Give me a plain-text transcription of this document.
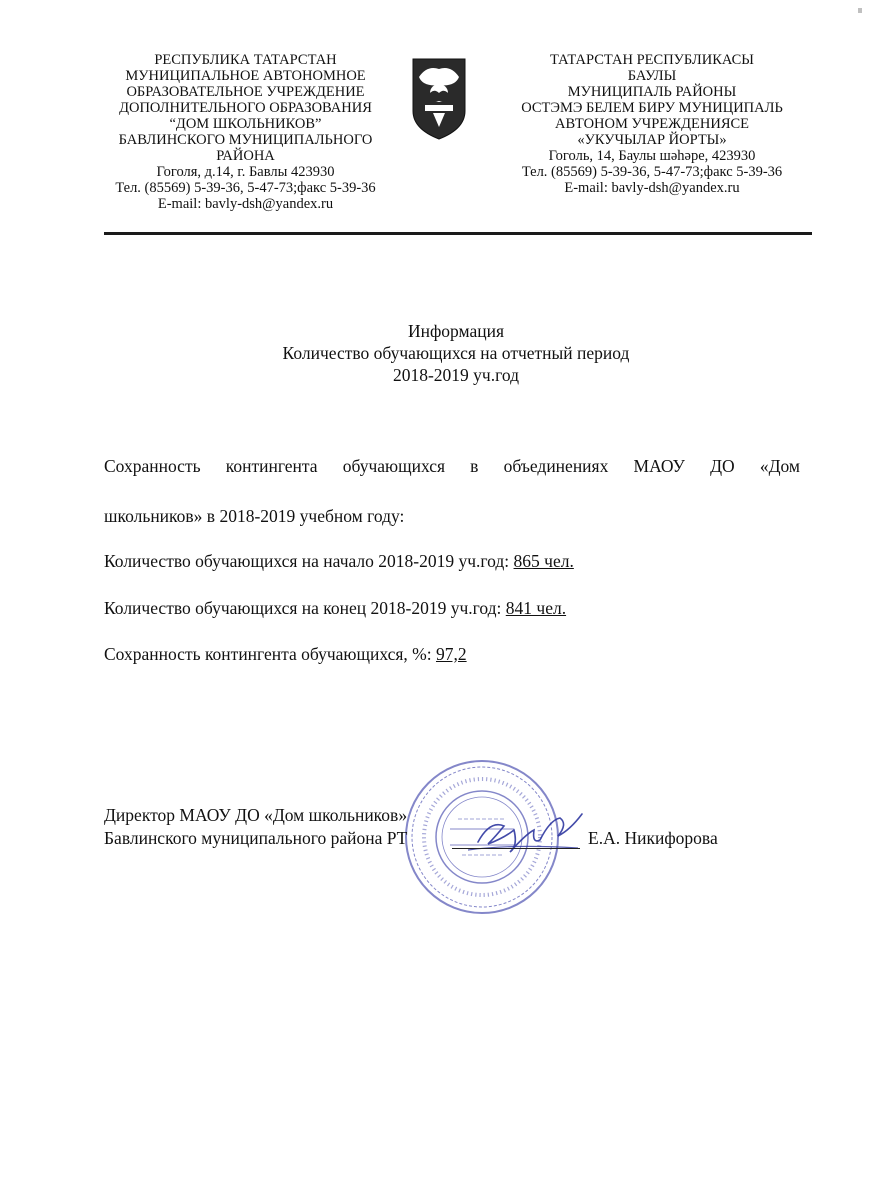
РЕСПУБЛИКА ТАТАРСТАН
МУНИЦИПАЛЬНОЕ АВТОНОМНОЕ
ОБРАЗОВАТЕЛЬНОЕ УЧРЕЖДЕНИЕ
ДОПОЛНИТЕЛЬНОГО ОБРАЗОВАНИЯ
“ДОМ ШКОЛЬНИКОВ”
БАВЛИНСКОГО МУНИЦИПАЛЬНОГО
РАЙОНА
Гоголя, д.14, г. Бавлы 423930
Тел. (85569) 5-39-36, 5-47-73;факс 5-39-36
E-mail: bavly-dsh@yandex.ru
ТАТАРСТАН РЕСПУБЛИКАСЫ
БАУЛЫ
МУНИЦИПАЛЬ РАЙОНЫ
ОСТЭМЭ БЕЛЕМ БИРУ МУНИЦИПАЛЬ
АВТОНОМ УЧРЕЖДЕНИЯСЕ
«УКУЧЫЛАР ЙОРТЫ»
Гоголь, 14, Баулы шәһәре, 423930
Тел. (85569) 5-39-36, 5-47-73;факс 5-39-36
E-mail: bavly-dsh@yandex.ru
Информация
Количество обучающихся на отчетный период
2018-2019 уч.год
Сохранность контингента обучающихся в объединениях МАОУ ДО «Дом
школьников» в 2018-2019 учебном году:
Количество обучающихся на начало 2018-2019 уч.год: 865 чел.
Количество обучающихся на конец 2018-2019 уч.год: 841 чел.
Сохранность контингента обучающихся, %: 97,2
Директор МАОУ ДО «Дом школьников»
Бавлинского муниципального района РТ	Е.А. Никифорова
